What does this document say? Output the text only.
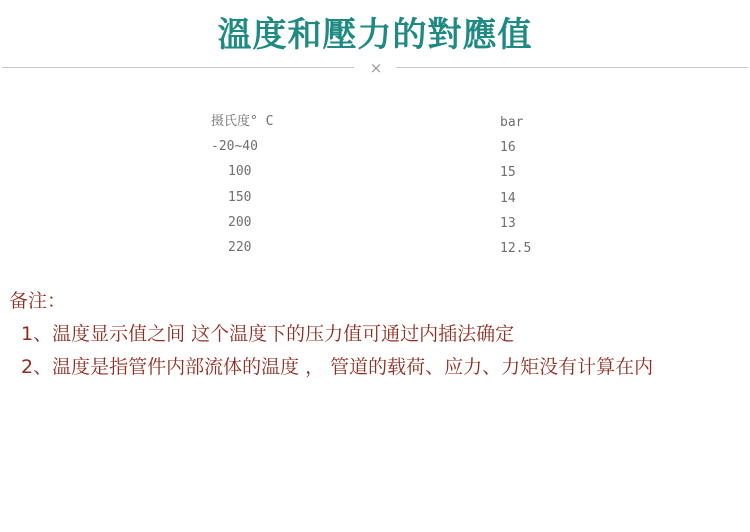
溫度和壓力的對應值
×
摄氏度° C	bar
-20~40	16
100	15
150	14
200	13
220	12.5
备注：
1、温度显示值之间 这个温度下的压力值可通过内插法确定
2、温度是指管件内部流体的温度 ， 管道的载荷、应力、力矩没有计算在内
